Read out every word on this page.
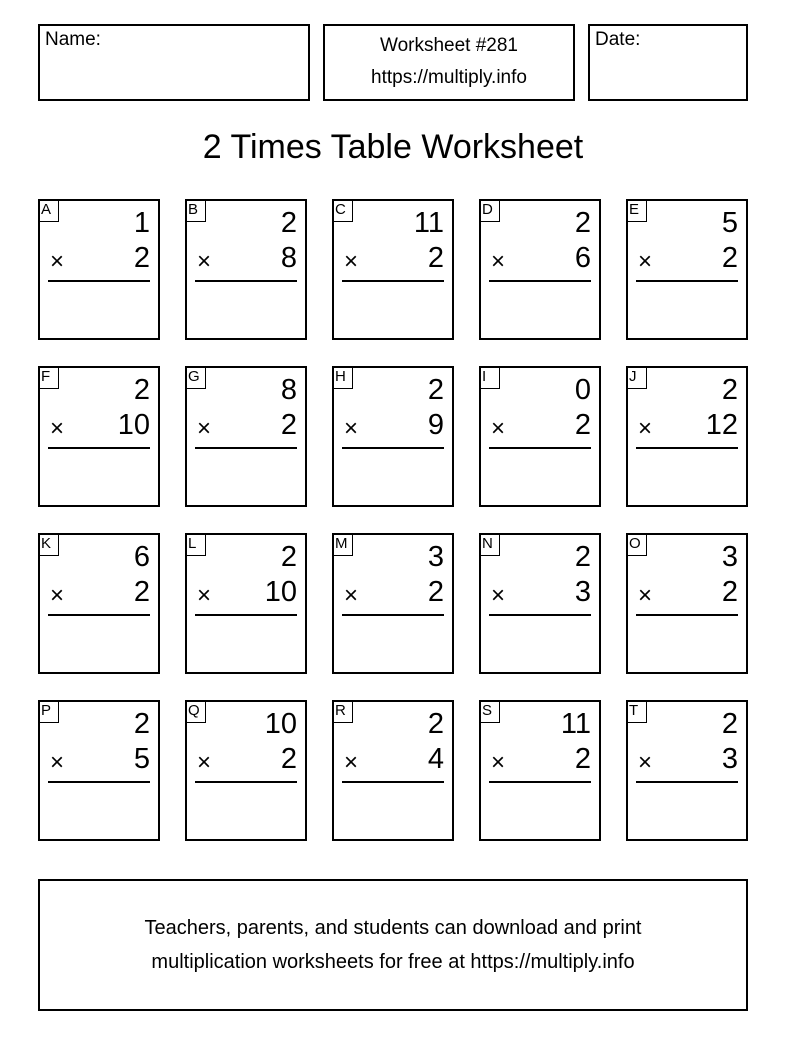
Name:	Worksheet #281
https://multiply.info
Date:
2 Times Table Worksheet
A	1
× 2
B	2
× 8
C 11
× 2
D	2
× 6
E	5
× 2
F	2
× 10
G	8
× 2
H	2
× 9
I	0
× 2
J	2
× 12
K	6
× 2
L	2
× 10
M	3
× 2
N	2
× 3
O	3
× 2
P	2
× 5
Q 10
× 2
R	2
× 4
S 11
× 2
T	2
× 3
Teachers, parents, and students can download and print
multiplication worksheets for free at https://multiply.info
